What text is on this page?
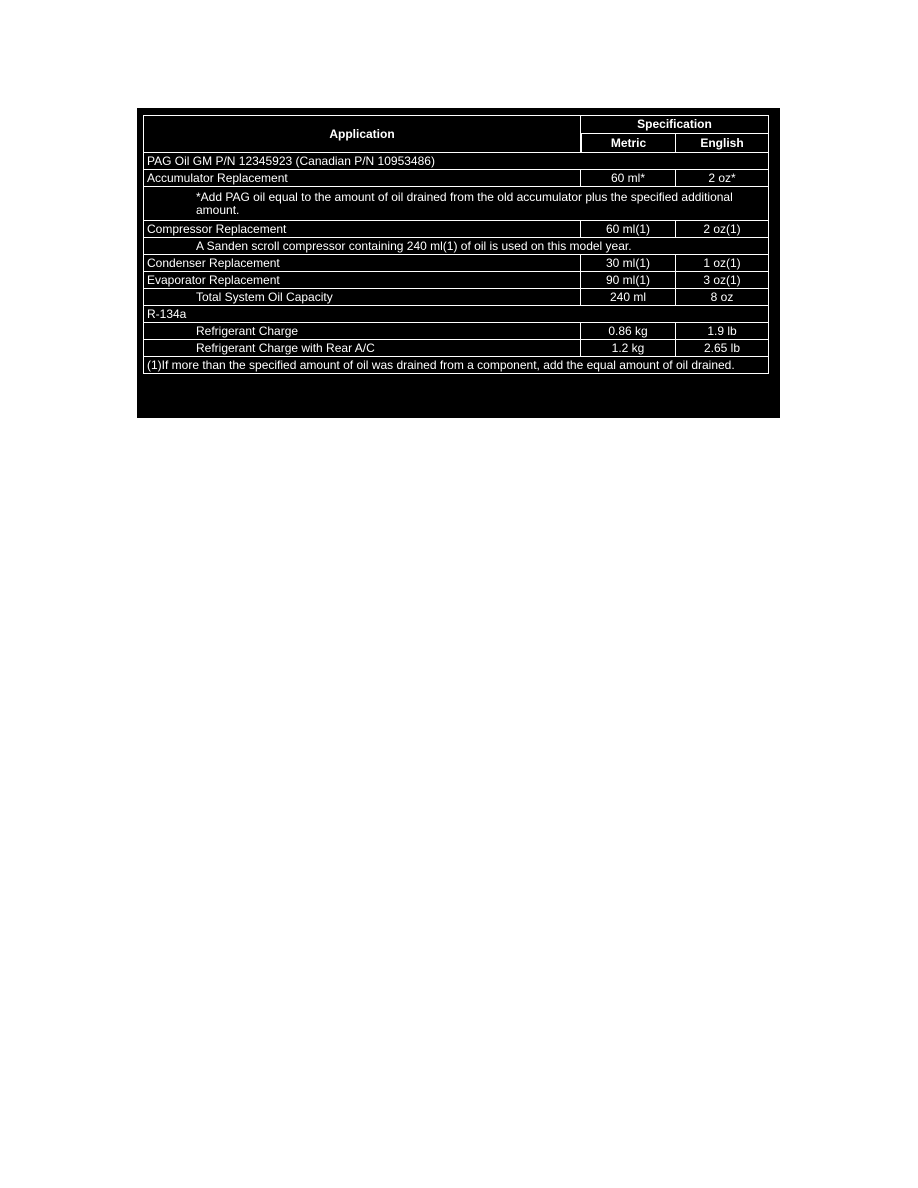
Application	Specification	
	Metric	English
PAG Oil GM P/N 12345923 (Canadian P/N 10953486)		
Accumulator Replacement	60 ml*	2 oz*
*Add PAG oil equal to the amount of oil drained from the old accumulator plus the specified additional amount.		
Compressor Replacement	60 ml(1)	2 oz(1)
A Sanden scroll compressor containing 240 ml(1) of oil is used on this model year.		
Condenser Replacement	30 ml(1)	1 oz(1)
Evaporator Replacement	90 ml(1)	3 oz(1)
Total System Oil Capacity	240 ml	8 oz
R-134a		
Refrigerant Charge	0.86 kg	1.9 lb
Refrigerant Charge with Rear A/C	1.2 kg	2.65 lb
(1)If more than the specified amount of oil was drained from a component, add the equal amount of oil drained.		
